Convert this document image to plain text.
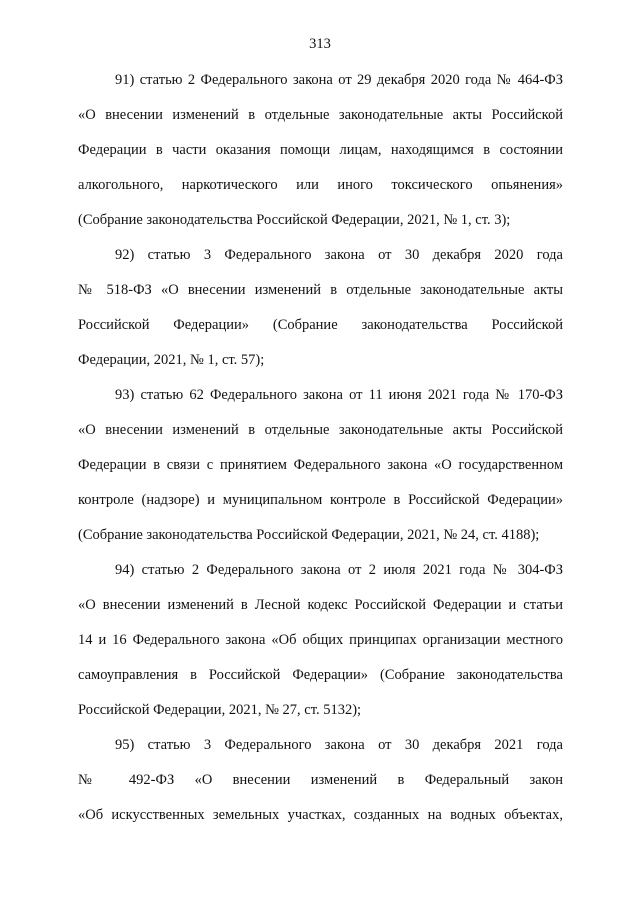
313
91) статью 2 Федерального закона от 29 декабря 2020 года № 464-ФЗ
«О внесении изменений в отдельные законодательные акты Российской
Федерации в части оказания помощи лицам, находящимся в состоянии
алкогольного, наркотического или иного токсического опьянения»
(Собрание законодательства Российской Федерации, 2021, № 1, ст. 3);
92) статью 3 Федерального закона от 30 декабря 2020 года
№ 518-ФЗ «О внесении изменений в отдельные законодательные акты
Российской Федерации» (Собрание законодательства Российской
Федерации, 2021, № 1, ст. 57);
93) статью 62 Федерального закона от 11 июня 2021 года № 170-ФЗ
«О внесении изменений в отдельные законодательные акты Российской
Федерации в связи с принятием Федерального закона «О государственном
контроле (надзоре) и муниципальном контроле в Российской Федерации»
(Собрание законодательства Российской Федерации, 2021, № 24, ст. 4188);
94) статью 2 Федерального закона от 2 июля 2021 года № 304-ФЗ
«О внесении изменений в Лесной кодекс Российской Федерации и статьи
14 и 16 Федерального закона «Об общих принципах организации местного
самоуправления в Российской Федерации» (Собрание законодательства
Российской Федерации, 2021, № 27, ст. 5132);
95) статью 3 Федерального закона от 30 декабря 2021 года
№ 492-ФЗ «О внесении изменений в Федеральный закон
«Об искусственных земельных участках, созданных на водных объектах,
